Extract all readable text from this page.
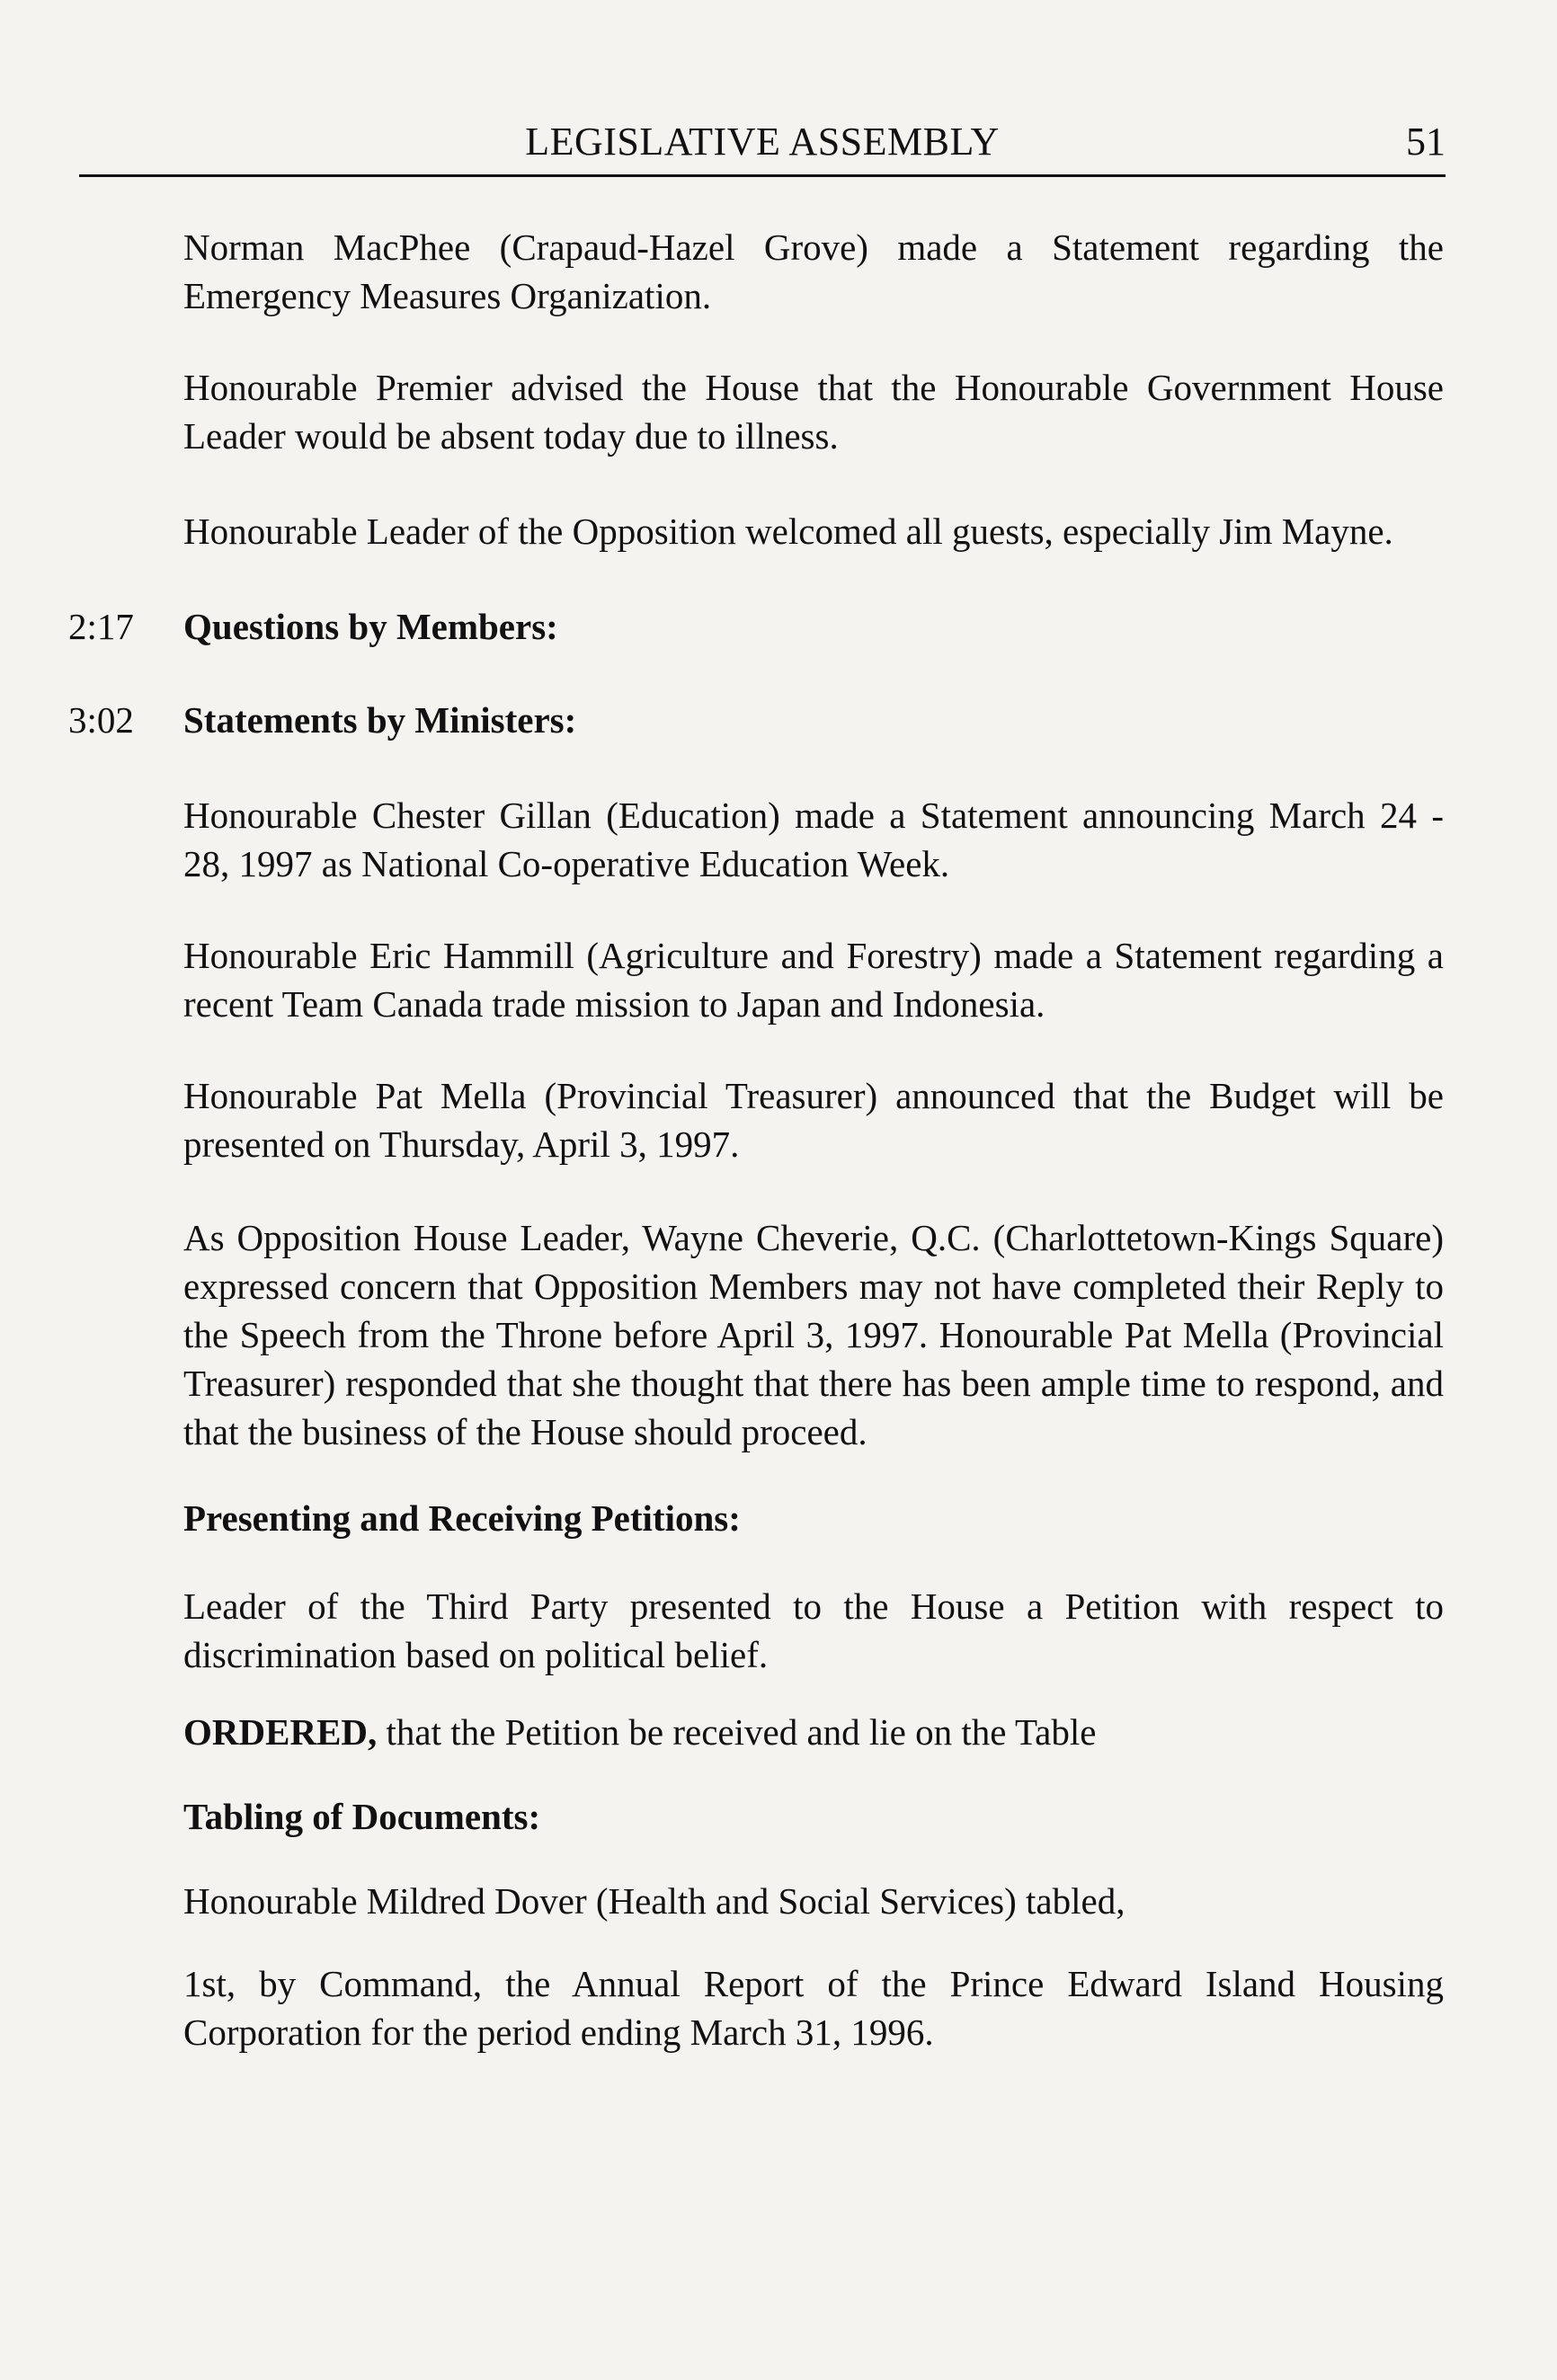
LEGISLATIVE ASSEMBLY	51
Norman MacPhee (Crapaud-Hazel Grove) made a Statement regarding the Emergency Measures Organization.
Honourable Premier advised the House that the Honourable Government House Leader would be absent today due to illness.
Honourable Leader of the Opposition welcomed all guests, especially Jim Mayne.
2:17 Questions by Members:
3:02 Statements by Ministers:
Honourable Chester Gillan (Education) made a Statement announcing March 24 - 28, 1997 as National Co-operative Education Week.
Honourable Eric Hammill (Agriculture and Forestry) made a Statement regarding a recent Team Canada trade mission to Japan and Indonesia.
Honourable Pat Mella (Provincial Treasurer) announced that the Budget will be presented on Thursday, April 3, 1997.
As Opposition House Leader, Wayne Cheverie, Q.C. (Charlottetown-Kings Square) expressed concern that Opposition Members may not have completed their Reply to the Speech from the Throne before April 3, 1997. Honourable Pat Mella (Provincial Treasurer) responded that she thought that there has been ample time to respond, and that the business of the House should proceed.
Presenting and Receiving Petitions:
Leader of the Third Party presented to the House a Petition with respect to discrimination based on political belief.
ORDERED, that the Petition be received and lie on the Table
Tabling of Documents:
Honourable Mildred Dover (Health and Social Services) tabled,
1st, by Command, the Annual Report of the Prince Edward Island Housing Corporation for the period ending March 31, 1996.
